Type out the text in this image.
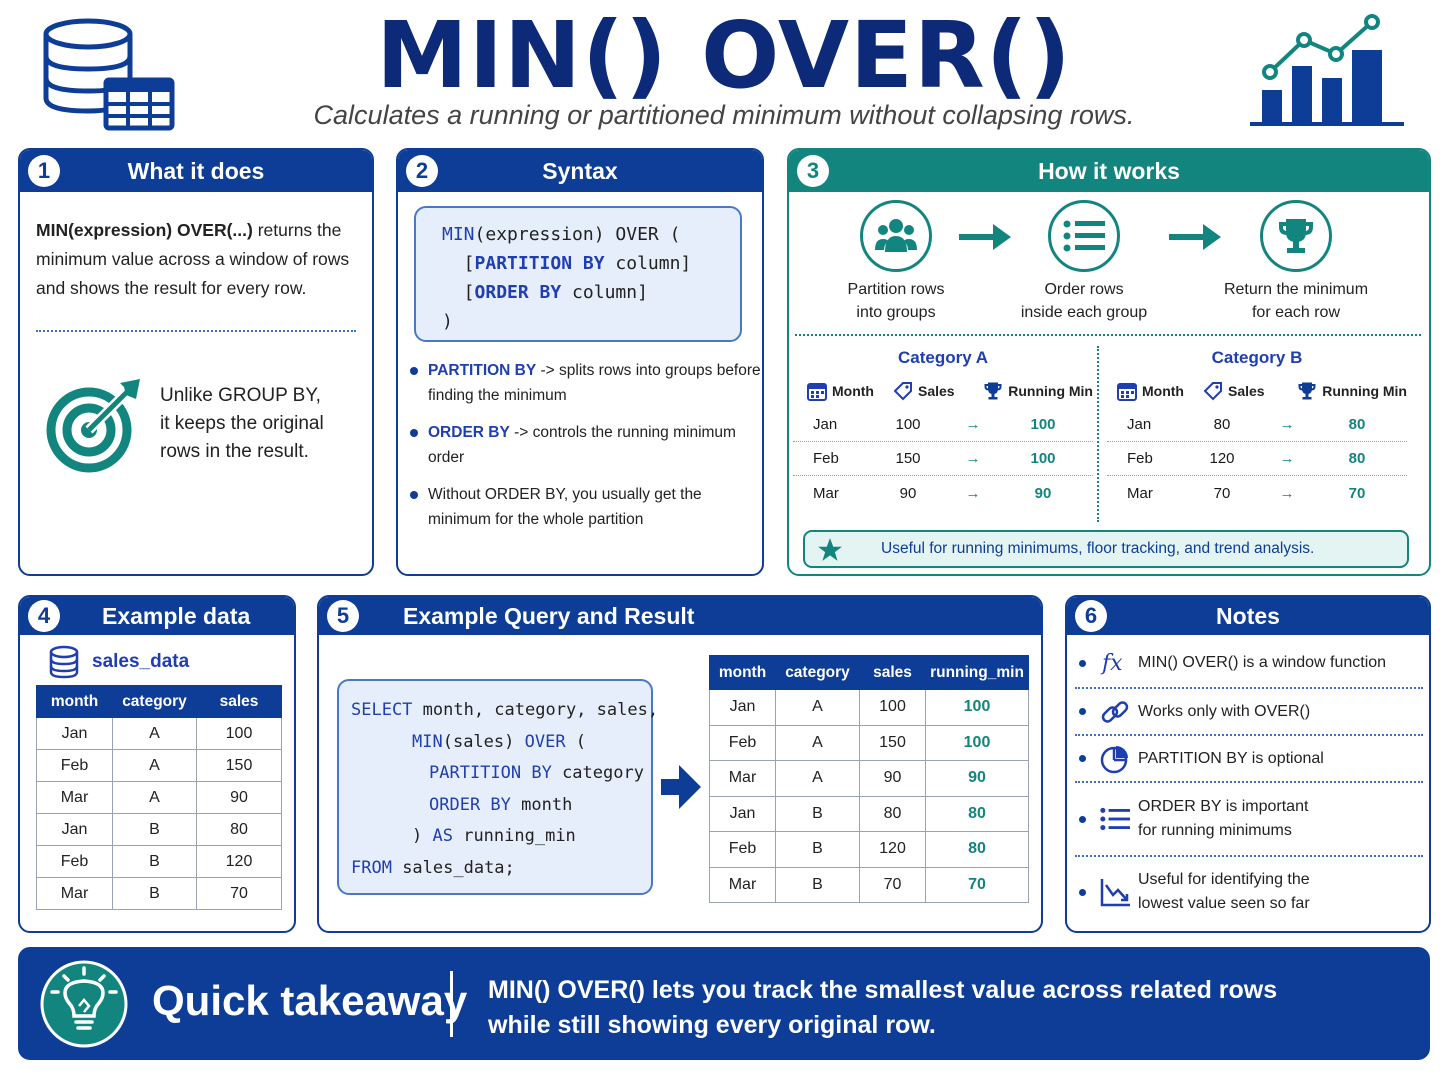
MIN() OVER()
Calculates a running or partitioned minimum without collapsing rows.
1	What it does
MIN(expression) OVER(...) returns the minimum value across a window of rows and shows the result for every row.
Unlike GROUP BY,
it keeps the original
rows in the result.
2	Syntax
MIN(expression) OVER (
[PARTITION BY column]
[ORDER BY column]
)
PARTITION BY -> splits rows into groups before finding the minimum
ORDER BY -> controls the running minimum order
Without ORDER BY, you usually get the minimum for the whole partition
3	How it works
Partition rows
into groups
Order rows
inside each group
Return the minimum
for each row
Category A
Month	Sales	Running Min
Jan	100	→	100
Feb	150	→	100
Mar	90	→	90
Category B
Month	Sales	Running Min
Jan	80	→	80
Feb	120	→	80
Mar	70	→	70
Useful for running minimums, floor tracking, and trend analysis.
4	Example data
sales_data
month	category	sales
Jan	A	100
Feb	A	150
Mar	A	90
Jan	B	80
Feb	B	120
Mar	B	70
5	Example Query and Result
SELECT month, category, sales,
MIN(sales) OVER (
PARTITION BY category
ORDER BY month
) AS running_min
FROM sales_data;
month	category	sales	running_min
Jan	A	100	100
Feb	A	150	100
Mar	A	90	90
Jan	B	80	80
Feb	B	120	80
Mar	B	70	70
6	Notes
fx MIN() OVER() is a window function
Works only with OVER()
PARTITION BY is optional
ORDER BY is important
for running minimums
Useful for identifying the
lowest value seen so far
Quick takeaway MIN() OVER() lets you track the smallest value across related rows
while still showing every original row.
